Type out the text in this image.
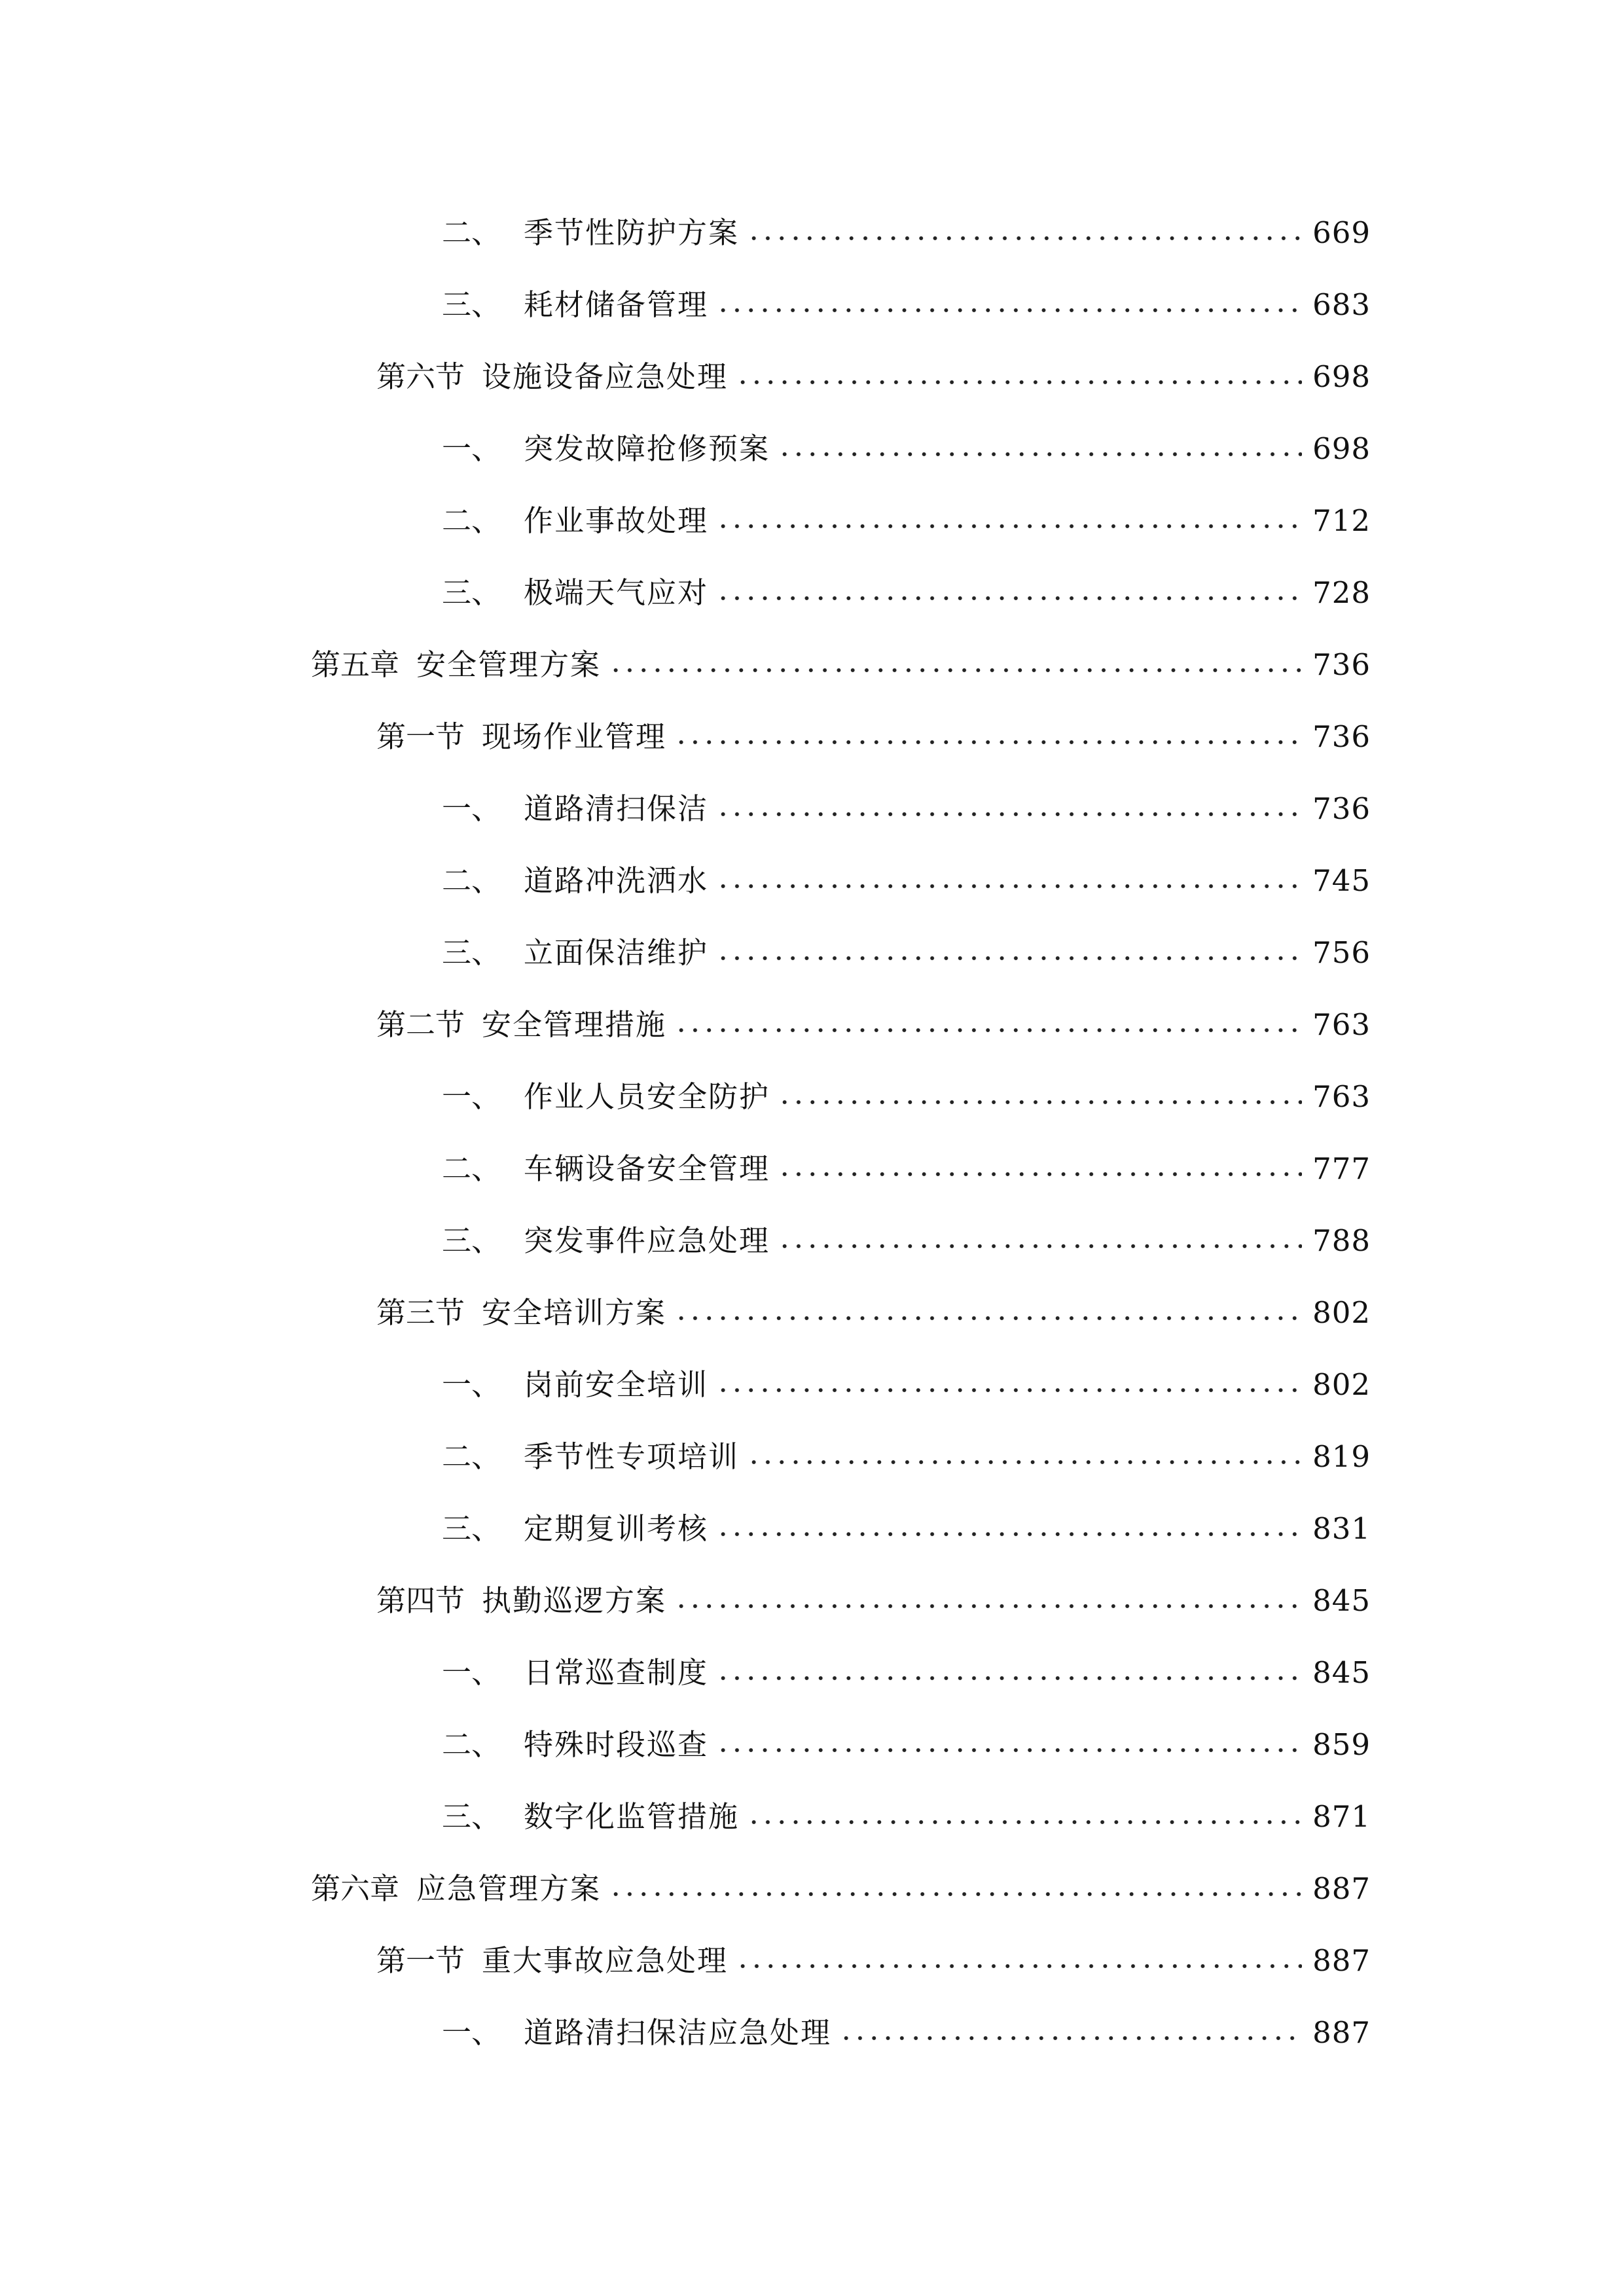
二、 季节性防护方案	669
三、 耗材储备管理	683
第六节 设施设备应急处理	698
一、 突发故障抢修预案	698
二、 作业事故处理	712
三、 极端天气应对	728
第五章 安全管理方案	736
第一节 现场作业管理	736
一、 道路清扫保洁	736
二、 道路冲洗洒水	745
三、 立面保洁维护	756
第二节 安全管理措施	763
一、 作业人员安全防护	763
二、 车辆设备安全管理	777
三、 突发事件应急处理	788
第三节 安全培训方案	802
一、 岗前安全培训	802
二、 季节性专项培训	819
三、 定期复训考核	831
第四节 执勤巡逻方案	845
一、 日常巡查制度	845
二、 特殊时段巡查	859
三、 数字化监管措施	871
第六章 应急管理方案	887
第一节 重大事故应急处理	887
一、 道路清扫保洁应急处理	887
